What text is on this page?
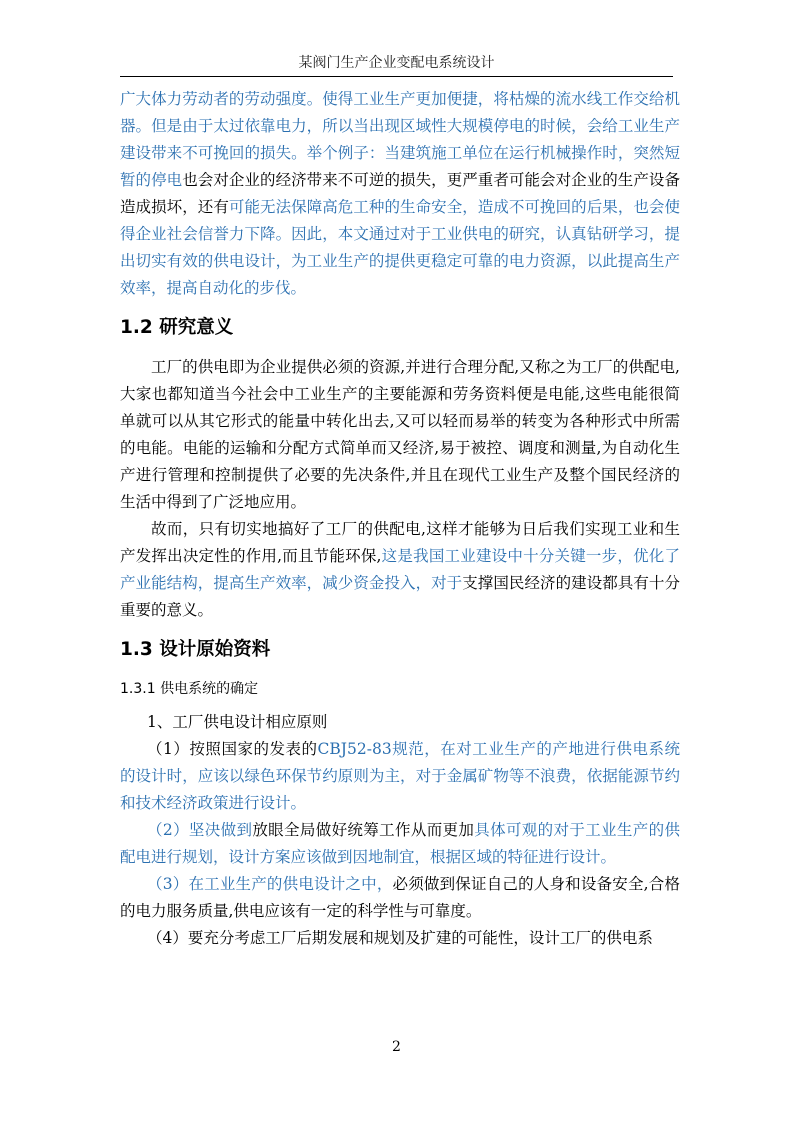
某阀门生产企业变配电系统设计

广大体力劳动者的劳动强度。使得工业生产更加便捷，将枯燥的流水线工作交给机器。但是由于太过依靠电力，所以当出现区域性大规模停电的时候，会给工业生产建设带来不可挽回的损失。举个例子：当建筑施工单位在运行机械操作时，突然短暂的停电也会对企业的经济带来不可逆的损失，更严重者可能会对企业的生产设备造成损坏，还有可能无法保障高危工种的生命安全，造成不可挽回的后果，也会使得企业社会信誉力下降。因此，本文通过对于工业供电的研究，认真钻研学习，提出切实有效的供电设计，为工业生产的提供更稳定可靠的电力资源，以此提高生产效率，提高自动化的步伐。

1.2 研究意义

工厂的供电即为企业提供必须的资源,并进行合理分配,又称之为工厂的供配电,大家也都知道当今社会中工业生产的主要能源和劳务资料便是电能,这些电能很简单就可以从其它形式的能量中转化出去,又可以轻而易举的转变为各种形式中所需的电能。电能的运输和分配方式简单而又经济,易于被控、调度和测量,为自动化生产进行管理和控制提供了必要的先决条件,并且在现代工业生产及整个国民经济的生活中得到了广泛地应用。

故而，只有切实地搞好了工厂的供配电,这样才能够为日后我们实现工业和生产发挥出决定性的作用,而且节能环保,这是我国工业建设中十分关键一步，优化了产业能结构，提高生产效率，减少资金投入，对于支撑国民经济的建设都具有十分重要的意义。

1.3 设计原始资料
1.3.1 供电系统的确定

1、工厂供电设计相应原则

（1）按照国家的发表的CBJ52-83规范，在对工业生产的产地进行供电系统的设计时，应该以绿色环保节约原则为主，对于金属矿物等不浪费，依据能源节约和技术经济政策进行设计。

（2）坚决做到放眼全局做好统筹工作从而更加具体可观的对于工业生产的供配电进行规划，设计方案应该做到因地制宜，根据区域的特征进行设计。

（3）在工业生产的供电设计之中，必须做到保证自己的人身和设备安全,合格的电力服务质量,供电应该有一定的科学性与可靠度。

（4）要充分考虑工厂后期发展和规划及扩建的可能性，设计工厂的供电系

2
